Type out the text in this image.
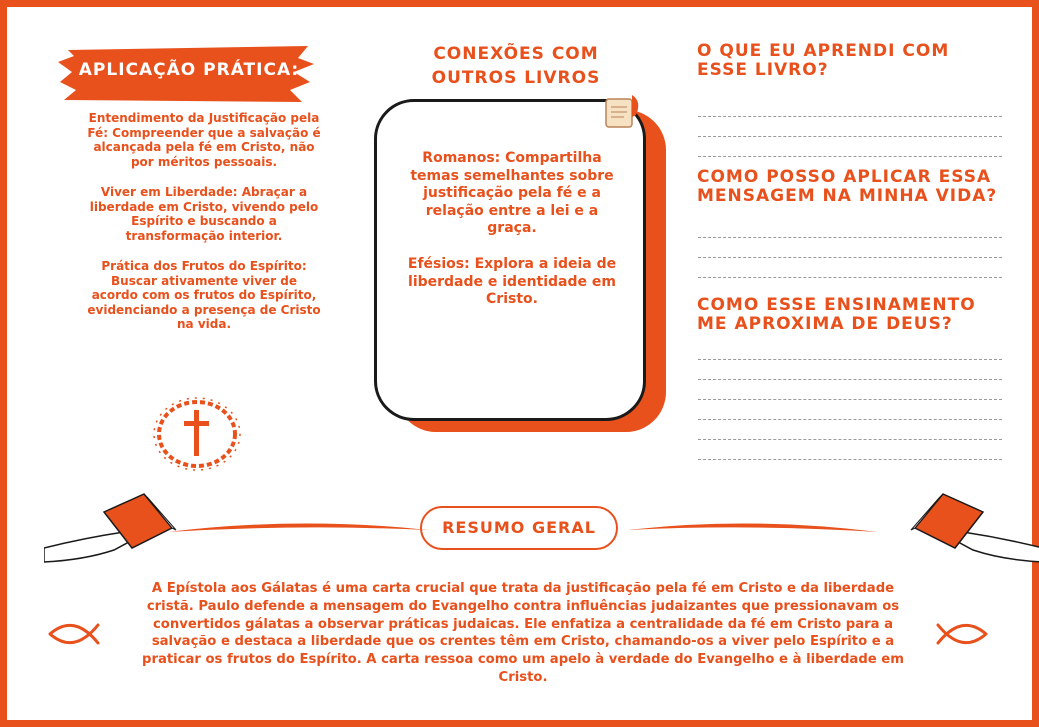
APLICAÇÃO PRÁTICA:

Entendimento da Justificação pela Fé: Compreender que a salvação é alcançada pela fé em Cristo, não por méritos pessoais.

Viver em Liberdade: Abraçar a liberdade em Cristo, vivendo pelo Espírito e buscando a transformação interior.

Prática dos Frutos do Espírito: Buscar ativamente viver de acordo com os frutos do Espírito, evidenciando a presença de Cristo na vida.

CONEXÕES COM
OUTROS LIVROS

Romanos: Compartilha temas semelhantes sobre justificação pela fé e a relação entre a lei e a graça.

Efésios: Explora a ideia de liberdade e identidade em Cristo.

O QUE EU APRENDI COM ESSE LIVRO?
COMO POSSO APLICAR ESSA MENSAGEM NA MINHA VIDA?
COMO ESSE ENSINAMENTO ME APROXIMA DE DEUS?
RESUMO GERAL
A Epístola aos Gálatas é uma carta crucial que trata da justificação pela fé em Cristo e da liberdade cristã. Paulo defende a mensagem do Evangelho contra influências judaizantes que pressionavam os convertidos gálatas a observar práticas judaicas. Ele enfatiza a centralidade da fé em Cristo para a salvação e destaca a liberdade que os crentes têm em Cristo, chamando-os a viver pelo Espírito e a praticar os frutos do Espírito. A carta ressoa como um apelo à verdade do Evangelho e à liberdade em Cristo.
